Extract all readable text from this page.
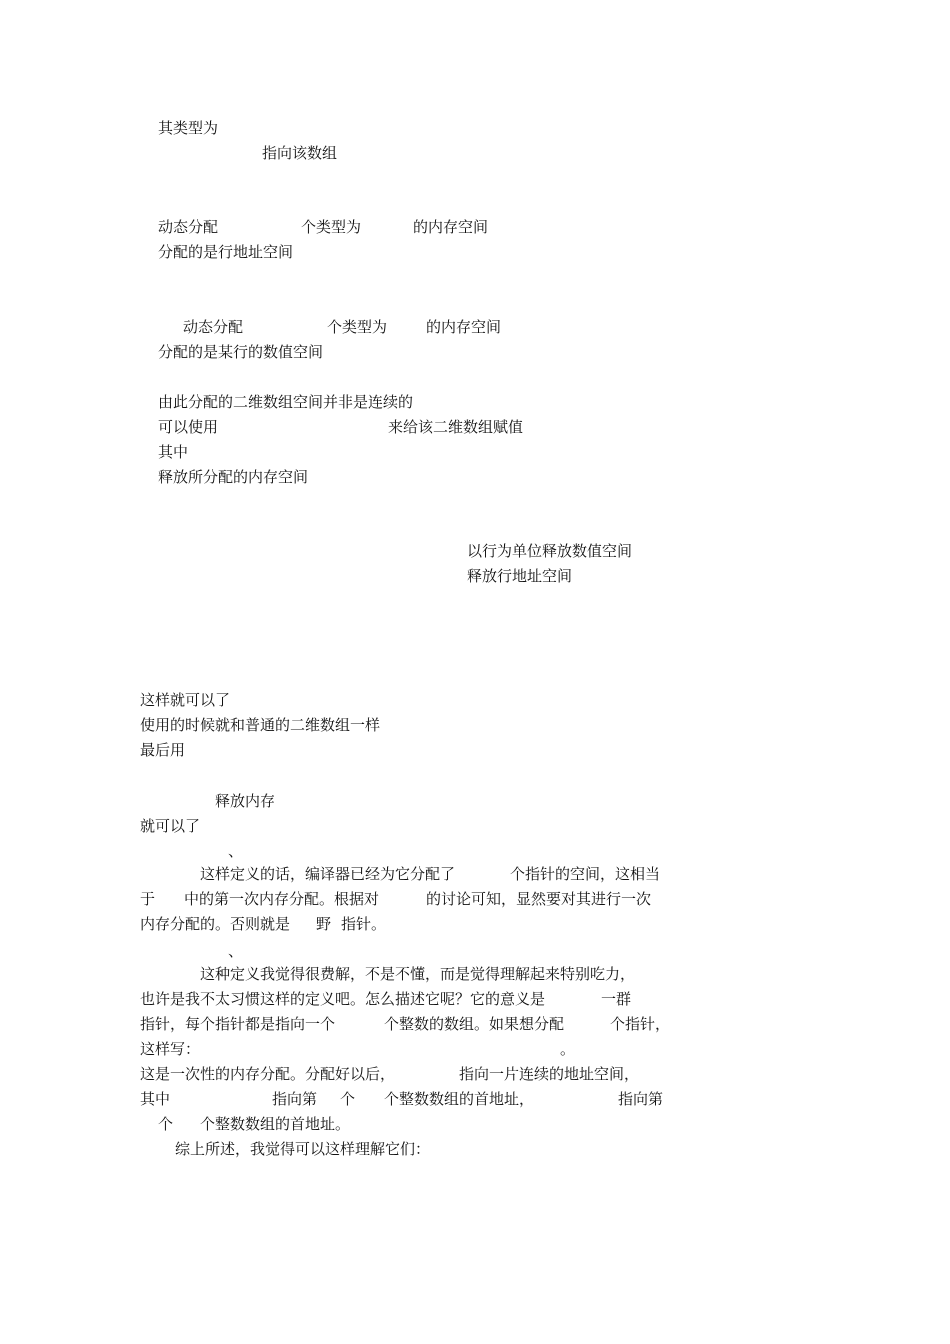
其类型为
指向该数组
动态分配	个类型为	的内存空间
分配的是行地址空间
动态分配	个类型为	的内存空间
分配的是某行的数值空间
由此分配的二维数组空间并非是连续的
可以使用	来给该二维数组赋值
其中
释放所分配的内存空间
以行为单位释放数值空间
释放行地址空间
这样就可以了
使用的时候就和普通的二维数组一样
最后用
释放内存
就可以了
、
这样定义的话，编译器已经为它分配了	个指针的空间，这相当
于 中的第一次内存分配。根据对	的讨论可知，显然要对其进行一次
内存分配的。否则就是 野 指针。
、
这种定义我觉得很费解，不是不懂，而是觉得理解起来特别吃力，
也许是我不太习惯这样的定义吧。怎么描述它呢？它的意义是	一群
指针，每个指针都是指向一个	个整数的数组。如果想分配	个指针，
这样写：	。
这是一次性的内存分配。分配好以后，	指向一片连续的地址空间，
其中	指向第 个 个整数数组的首地址，	指向第
个 个整数数组的首地址。
综上所述，我觉得可以这样理解它们：
